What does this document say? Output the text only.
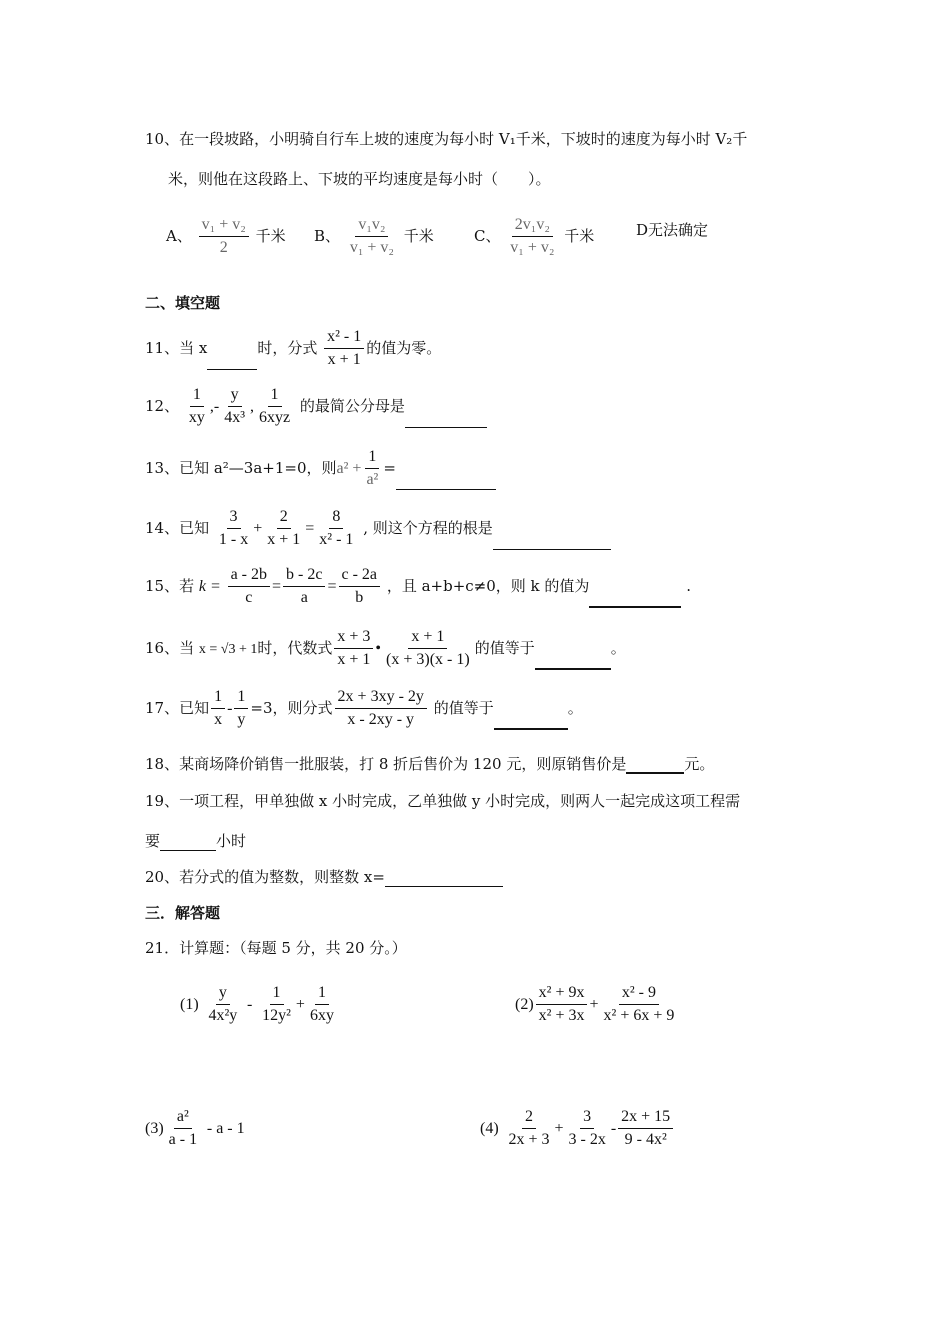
10、在一段坡路，小明骑自行车上坡的速度为每小时 V₁千米，下坡时的速度为每小时 V₂千
米，则他在这段路上、下坡的平均速度是每小时（　　）。
A、 $\frac{\text{v₁ + v₂}}{2}$ 千米 B、 $\frac{\text{v₁v₂}}{\text{v₁ + v₂}}$ 千米	C、 $\frac{\text{2v₁v₂}}{\text{v₁ + v₂}}$ 千米	D无法确定
二、填空题
11、当 x	时，分式 $\frac{\text{x² - 1}}{x + 1}$ 的值为零。
12、 $\frac{1}{xy}$ ,- $\frac{y}{\text{4x³}}$ , $\frac{1}{\text{6xyz}}$ 的最简公分母是
13、已知 a²—3a+1=0，则$a^2 + \frac{1}{\text{a²}}$ =
14、已知 $\frac{3}{1 - x} + \frac{2}{x + 1} = \frac{8}{\text{x² - 1}}$ , 则这个方程的根是
15、若 $k = \frac{a - 2b}{c} = \frac{b - 2c}{a} = \frac{c - 2a}{b}$ ，且 a+b+c≠0，则 k 的值为	.
16、当 x = √3 + 1时，代数式 $\frac{x + 3}{x + 1}$ • $\frac{x + 1}{(x + 3)(x - 1)}$ 的值等于	。
17、已知 $\frac{1}{x} - \frac{1}{y} =3$，则分式 $\frac{2x + 3xy - 2y}{x - 2xy - y}$ 的值等于	。
18、某商场降价销售一批服装，打 8 折后售价为 120 元，则原销售价是	元。
19、一项工程，甲单独做 x 小时完成，乙单独做 y 小时完成，则两人一起完成这项工程需
要	小时
20、若分式的值为整数，则整数 x=
三．解答题
21．计算题：（每题 5 分，共 20 分。）
$(1) \frac{y}{\text{4x²y}} - \frac{1}{\text{12y²}} + \frac{1}{6xy}$	$(2) \frac{\text{x² + 9x}}{\text{x² + 3x}} + \frac{\text{x² - 9}}{\text{x² + 6x + 9}}$
$(3) \frac{\text{a²}}{a - 1}$ - a - 1	$(4) \frac{2}{2x + 3} + \frac{3}{3 - 2x} - \frac{2x + 15}{\text{9 - 4x²}}$
